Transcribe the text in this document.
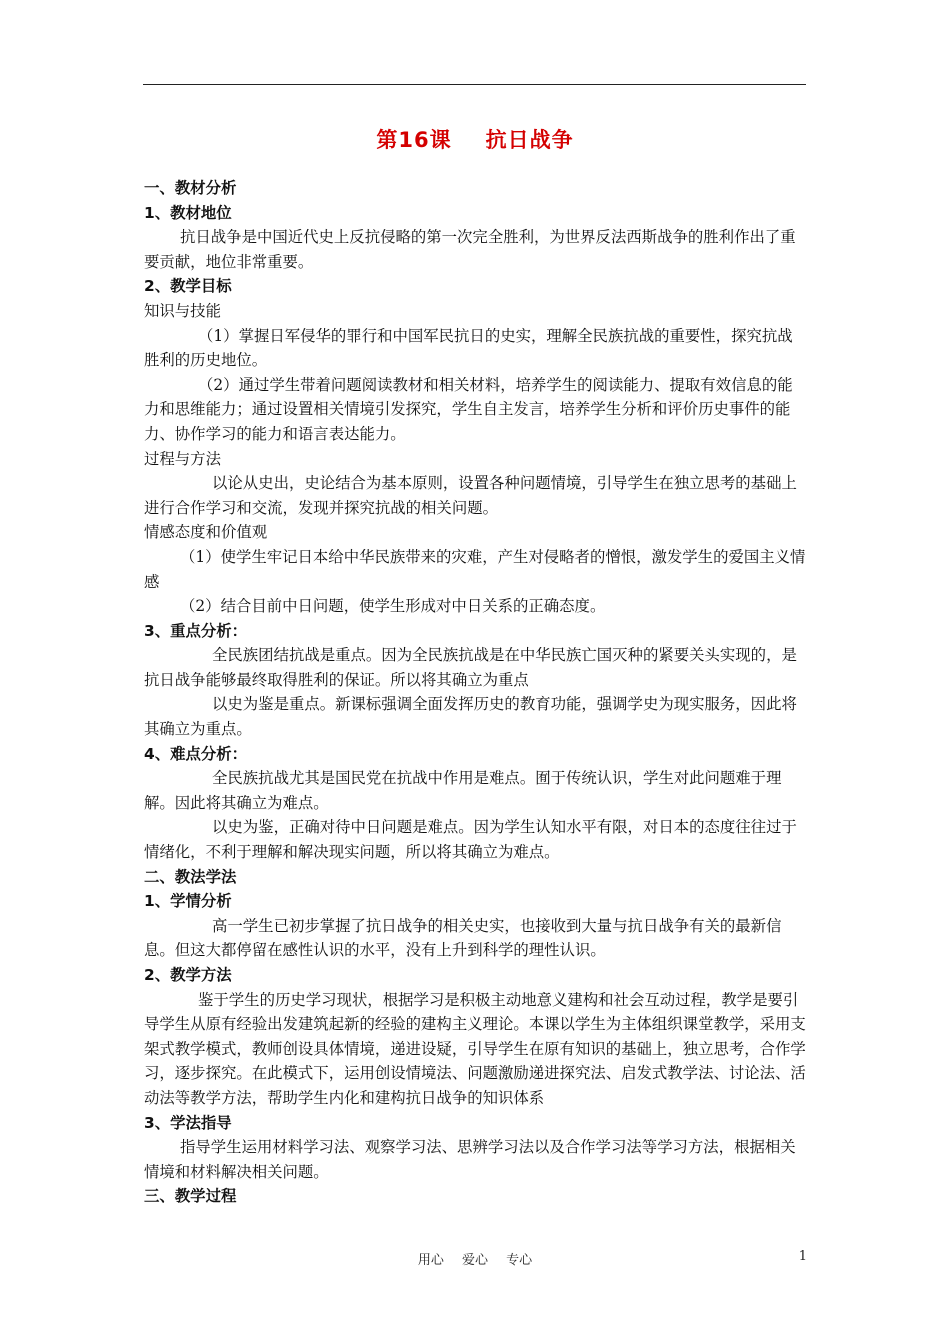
第16课 抗日战争

一、教材分析

1、教材地位

抗日战争是中国近代史上反抗侵略的第一次完全胜利，为世界反法西斯战争的胜利作出了重要贡献，地位非常重要。

2、教学目标

知识与技能

（1）掌握日军侵华的罪行和中国军民抗日的史实，理解全民族抗战的重要性，探究抗战胜利的历史地位。

（2）通过学生带着问题阅读教材和相关材料，培养学生的阅读能力、提取有效信息的能力和思维能力；通过设置相关情境引发探究，学生自主发言，培养学生分析和评价历史事件的能力、协作学习的能力和语言表达能力。

过程与方法

以论从史出，史论结合为基本原则，设置各种问题情境，引导学生在独立思考的基础上进行合作学习和交流，发现并探究抗战的相关问题。

情感态度和价值观

（1）使学生牢记日本给中华民族带来的灾难，产生对侵略者的憎恨，激发学生的爱国主义情感

（2）结合目前中日问题，使学生形成对中日关系的正确态度。

3、重点分析：

全民族团结抗战是重点。因为全民族抗战是在中华民族亡国灭种的紧要关头实现的，是抗日战争能够最终取得胜利的保证。所以将其确立为重点

以史为鉴是重点。新课标强调全面发挥历史的教育功能，强调学史为现实服务，因此将其确立为重点。

4、难点分析：

全民族抗战尤其是国民党在抗战中作用是难点。囿于传统认识，学生对此问题难于理解。因此将其确立为难点。

以史为鉴，正确对待中日问题是难点。因为学生认知水平有限，对日本的态度往往过于情绪化，不利于理解和解决现实问题，所以将其确立为难点。

二、教法学法

1、学情分析

高一学生已初步掌握了抗日战争的相关史实，也接收到大量与抗日战争有关的最新信息。但这大都停留在感性认识的水平，没有上升到科学的理性认识。

2、教学方法

鉴于学生的历史学习现状，根据学习是积极主动地意义建构和社会互动过程，教学是要引导学生从原有经验出发建筑起新的经验的建构主义理论。本课以学生为主体组织课堂教学，采用支架式教学模式，教师创设具体情境，递进设疑，引导学生在原有知识的基础上，独立思考，合作学习，逐步探究。在此模式下，运用创设情境法、问题激励递进探究法、启发式教学法、讨论法、活动法等教学方法，帮助学生内化和建构抗日战争的知识体系

3、学法指导

指导学生运用材料学习法、观察学习法、思辨学习法以及合作学习法等学习方法，根据相关情境和材料解决相关问题。

三、教学过程

用心 爱心 专心	1
